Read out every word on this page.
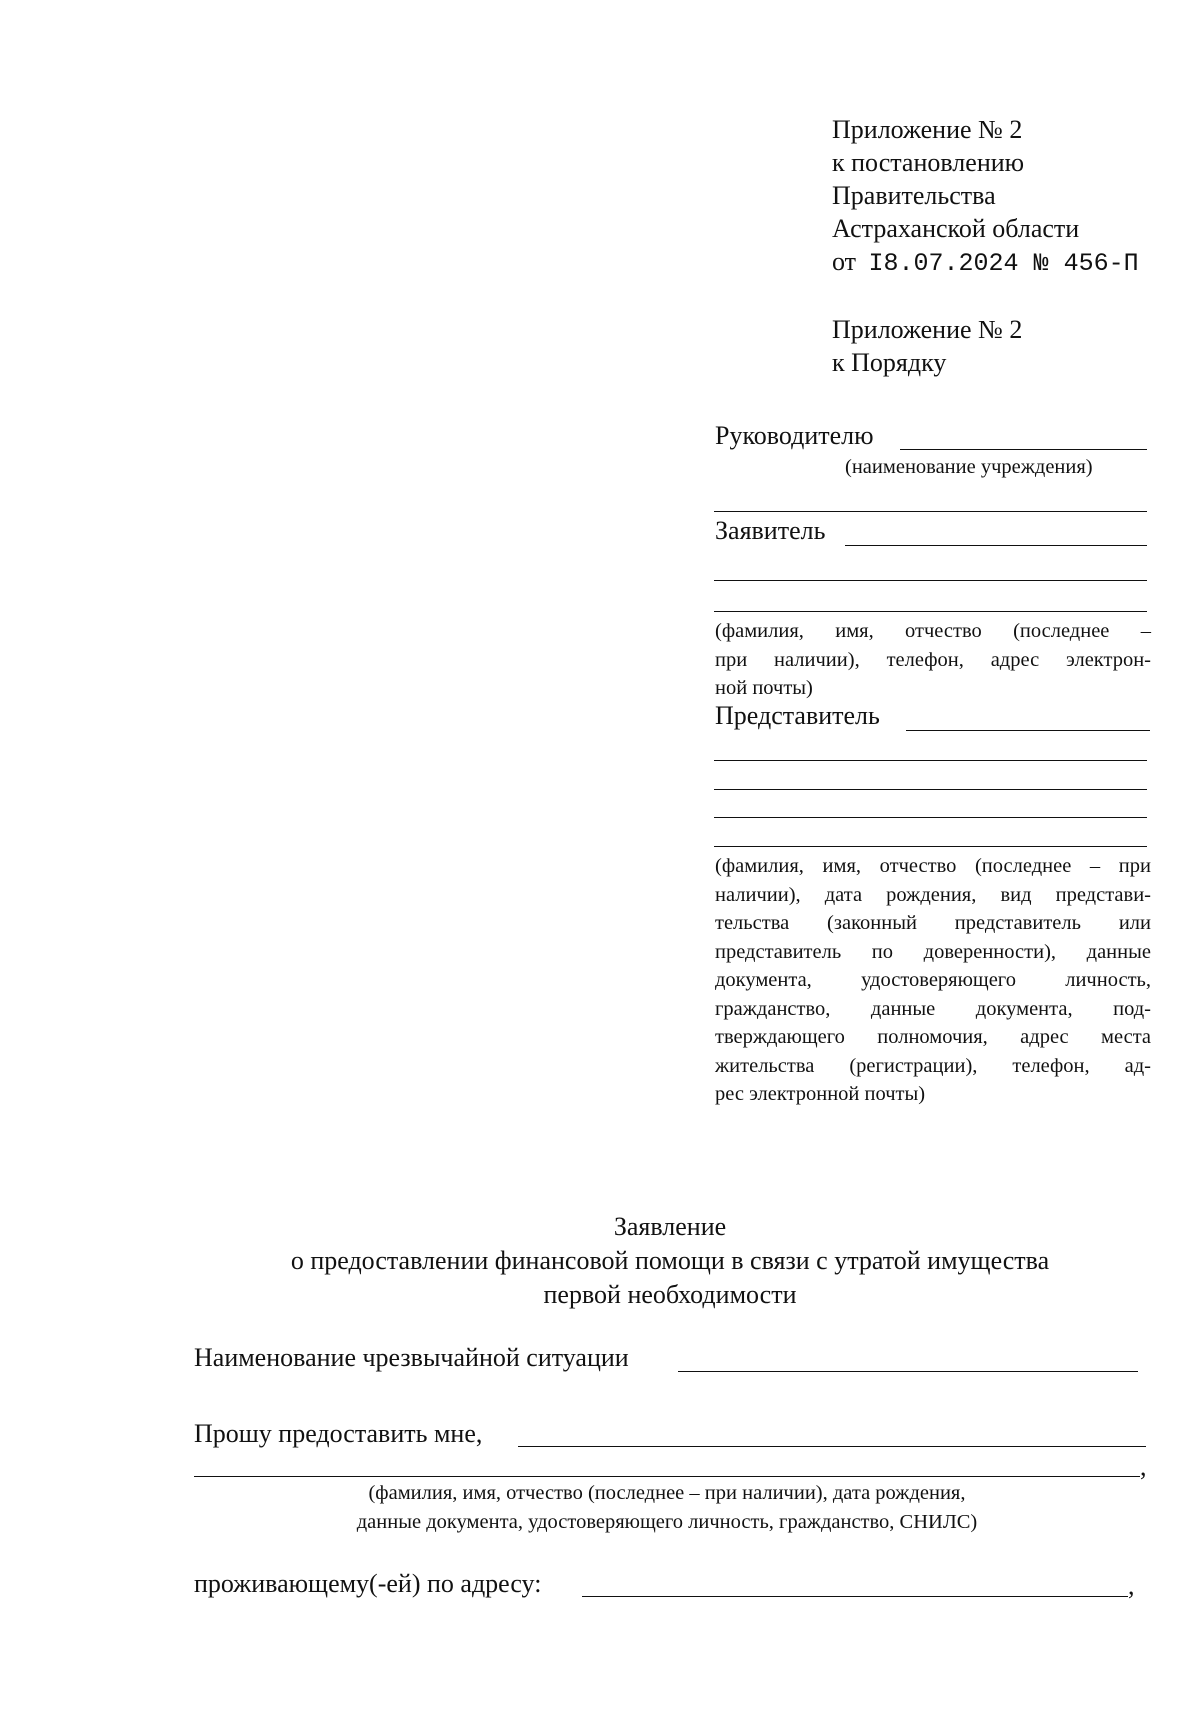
Приложение № 2
к постановлению
Правительства
Астраханской области
от I8.07.2024 № 456-П
Приложение № 2
к Порядку
Руководителю
(наименование учреждения)
Заявитель
(фамилия, имя, отчество (последнее –
при наличии), телефон, адрес электрон-
ной почты)
Представитель
(фамилия, имя, отчество (последнее – при
наличии), дата рождения, вид представи-
тельства (законный представитель или
представитель по доверенности), данные
документа, удостоверяющего личность,
гражданство, данные документа, под-
тверждающего полномочия, адрес места
жительства (регистрации), телефон, ад-
рес электронной почты)
Заявление
о предоставлении финансовой помощи в связи с утратой имущества
первой необходимости
Наименование чрезвычайной ситуации
Прошу предоставить мне,
,
(фамилия, имя, отчество (последнее – при наличии), дата рождения,
данные документа, удостоверяющего личность, гражданство, СНИЛС)
проживающему(-ей) по адресу:	,
